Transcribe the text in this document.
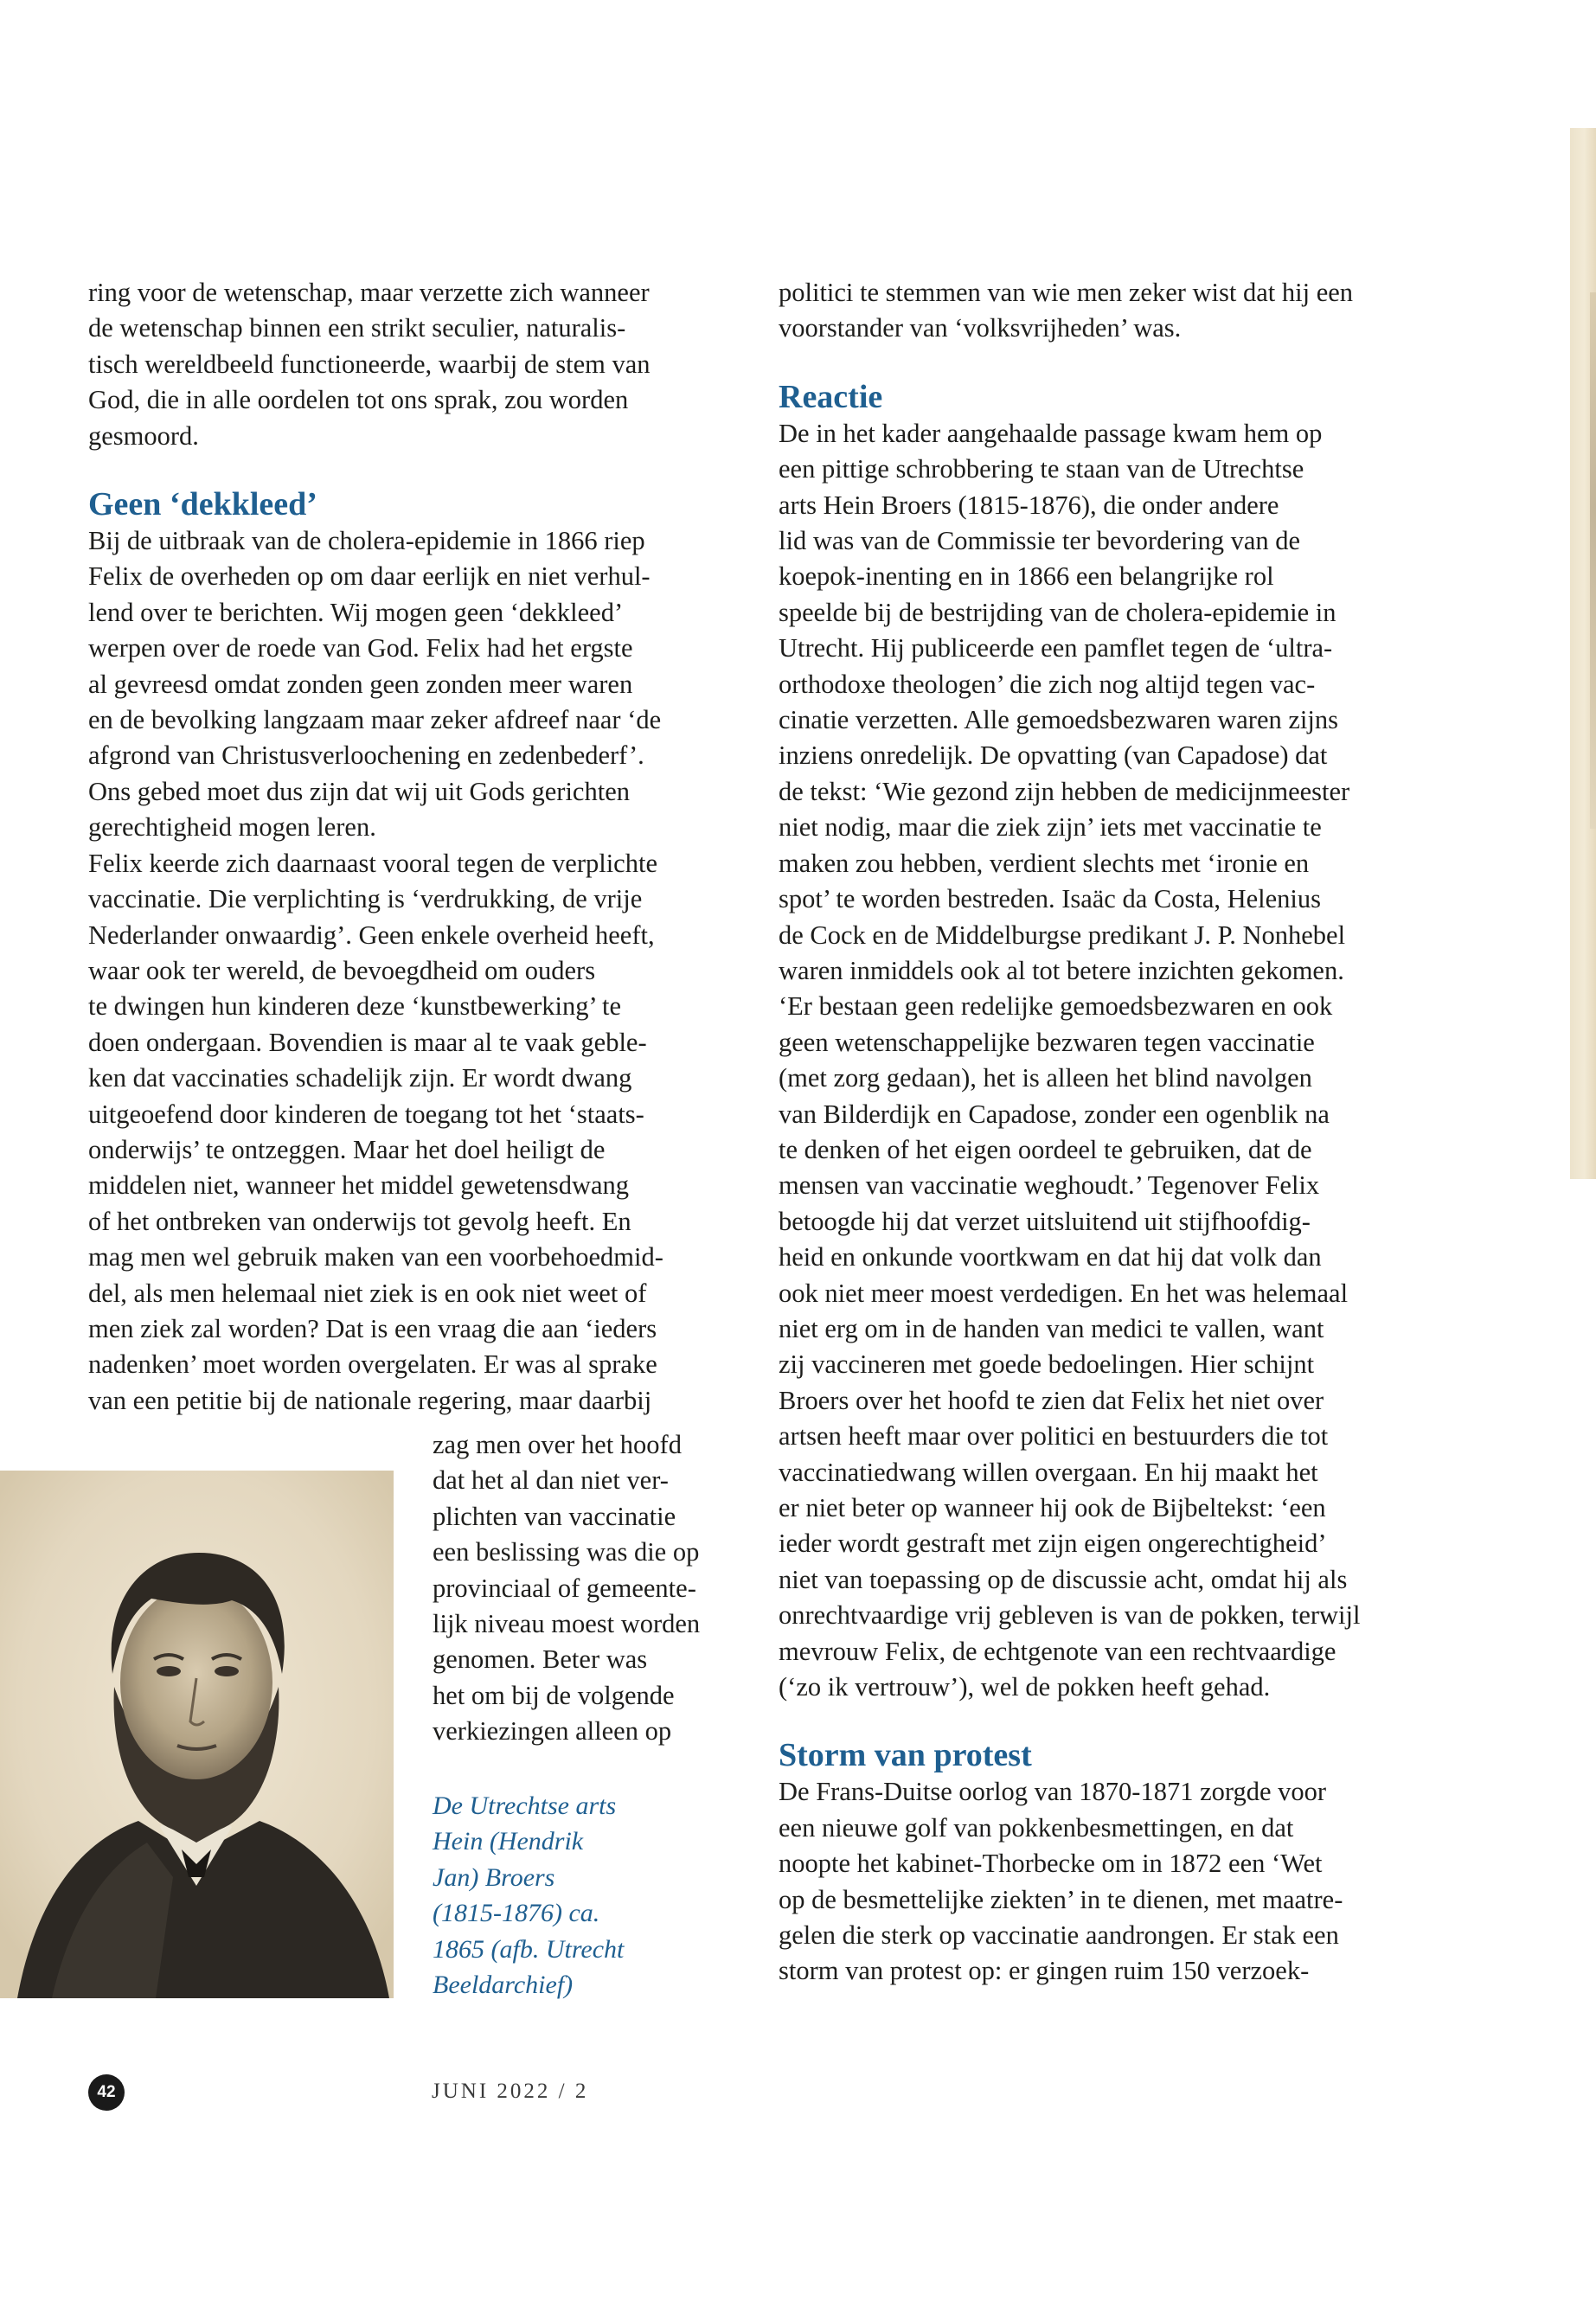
ring voor de wetenschap, maar verzette zich wanneer

de wetenschap binnen een strikt seculier, naturalis-

tisch wereldbeeld functioneerde, waarbij de stem van

God, die in alle oordelen tot ons sprak, zou worden

gesmoord.

Geen ‘dekkleed’

Bij de uitbraak van de cholera-epidemie in 1866 riep

Felix de overheden op om daar eerlijk en niet verhul-

lend over te berichten. Wij mogen geen ‘dekkleed’

werpen over de roede van God. Felix had het ergste

al gevreesd omdat zonden geen zonden meer waren

en de bevolking langzaam maar zeker afdreef naar ‘de

afgrond van Christusverloochening en zedenbederf’.

Ons gebed moet dus zijn dat wij uit Gods gerichten

gerechtigheid mogen leren.

Felix keerde zich daarnaast vooral tegen de verplichte

vaccinatie. Die verplichting is ‘verdrukking, de vrije

Nederlander onwaardig’. Geen enkele overheid heeft,

waar ook ter wereld, de bevoegdheid om ouders

te dwingen hun kinderen deze ‘kunstbewerking’ te

doen ondergaan. Bovendien is maar al te vaak geble-

ken dat vaccinaties schadelijk zijn. Er wordt dwang

uitgeoefend door kinderen de toegang tot het ‘staats-

onderwijs’ te ontzeggen. Maar het doel heiligt de

middelen niet, wanneer het middel gewetensdwang

of het ontbreken van onderwijs tot gevolg heeft. En

mag men wel gebruik maken van een voorbehoedmid-

del, als men helemaal niet ziek is en ook niet weet of

men ziek zal worden? Dat is een vraag die aan ‘ieders

nadenken’ moet worden overgelaten. Er was al sprake

van een petitie bij de nationale regering, maar daarbij

zag men over het hoofd

dat het al dan niet ver-

plichten van vaccinatie

een beslissing was die op

provinciaal of gemeente-

lijk niveau moest worden

genomen. Beter was

het om bij de volgende

verkiezingen alleen op

De Utrechtse arts

Hein (Hendrik

Jan) Broers

(1815-1876) ca.

1865 (afb. Utrecht

Beeldarchief)

politici te stemmen van wie men zeker wist dat hij een

voorstander van ‘volksvrijheden’ was.

Reactie

De in het kader aangehaalde passage kwam hem op

een pittige schrobbering te staan van de Utrechtse

arts Hein Broers (1815-1876), die onder andere

lid was van de Commissie ter bevordering van de

koepok-inenting en in 1866 een belangrijke rol

speelde bij de bestrijding van de cholera-epidemie in

Utrecht. Hij publiceerde een pamflet tegen de ‘ultra-

orthodoxe theologen’ die zich nog altijd tegen vac-

cinatie verzetten. Alle gemoedsbezwaren waren zijns

inziens onredelijk. De opvatting (van Capadose) dat

de tekst: ‘Wie gezond zijn hebben de medicijnmeester

niet nodig, maar die ziek zijn’ iets met vaccinatie te

maken zou hebben, verdient slechts met ‘ironie en

spot’ te worden bestreden. Isaäc da Costa, Helenius

de Cock en de Middelburgse predikant J. P. Nonhebel

waren inmiddels ook al tot betere inzichten gekomen.

‘Er bestaan geen redelijke gemoedsbezwaren en ook

geen wetenschappelijke bezwaren tegen vaccinatie

(met zorg gedaan), het is alleen het blind navolgen

van Bilderdijk en Capadose, zonder een ogenblik na

te denken of het eigen oordeel te gebruiken, dat de

mensen van vaccinatie weghoudt.’ Tegenover Felix

betoogde hij dat verzet uitsluitend uit stijfhoofdig-

heid en onkunde voortkwam en dat hij dat volk dan

ook niet meer moest verdedigen. En het was helemaal

niet erg om in de handen van medici te vallen, want

zij vaccineren met goede bedoelingen. Hier schijnt

Broers over het hoofd te zien dat Felix het niet over

artsen heeft maar over politici en bestuurders die tot

vaccinatiedwang willen overgaan. En hij maakt het

er niet beter op wanneer hij ook de Bijbeltekst: ‘een

ieder wordt gestraft met zijn eigen ongerechtigheid’

niet van toepassing op de discussie acht, omdat hij als

onrechtvaardige vrij gebleven is van de pokken, terwijl

mevrouw Felix, de echtgenote van een rechtvaardige

(‘zo ik vertrouw’), wel de pokken heeft gehad.

Storm van protest

De Frans-Duitse oorlog van 1870-1871 zorgde voor

een nieuwe golf van pokkenbesmettingen, en dat

noopte het kabinet-Thorbecke om in 1872 een ‘Wet

op de besmettelijke ziekten’ in te dienen, met maatre-

gelen die sterk op vaccinatie aandrongen. Er stak een

storm van protest op: er gingen ruim 150 verzoek-

42	JUNI 2022 / 2
